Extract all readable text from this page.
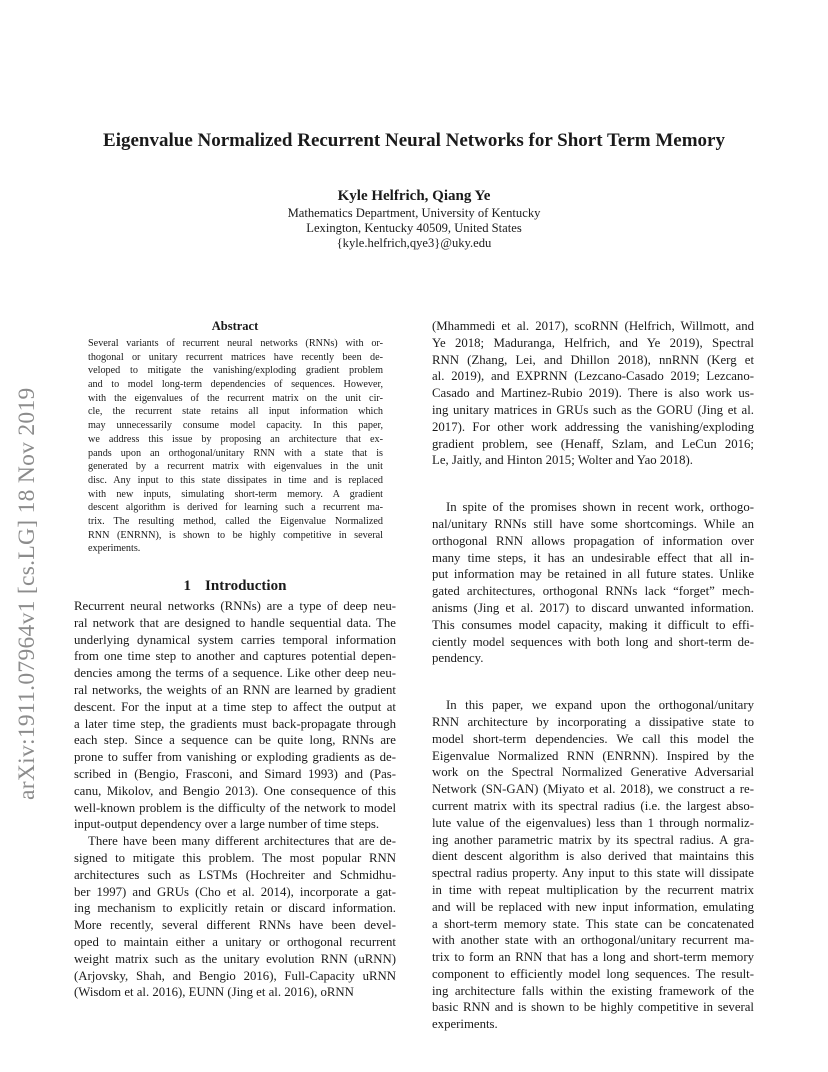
arXiv:1911.07964v1 [cs.LG] 18 Nov 2019
Eigenvalue Normalized Recurrent Neural Networks for Short Term Memory
Kyle Helfrich, Qiang Ye
Mathematics Department, University of Kentucky
Lexington, Kentucky 40509, United States
{kyle.helfrich,qye3}@uky.edu
Abstract
Several variants of recurrent neural networks (RNNs) with or-
thogonal or unitary recurrent matrices have recently been de-
veloped to mitigate the vanishing/exploding gradient problem
and to model long-term dependencies of sequences. However,
with the eigenvalues of the recurrent matrix on the unit cir-
cle, the recurrent state retains all input information which
may unnecessarily consume model capacity. In this paper,
we address this issue by proposing an architecture that ex-
pands upon an orthogonal/unitary RNN with a state that is
generated by a recurrent matrix with eigenvalues in the unit
disc. Any input to this state dissipates in time and is replaced
with new inputs, simulating short-term memory. A gradient
descent algorithm is derived for learning such a recurrent ma-
trix. The resulting method, called the Eigenvalue Normalized
RNN (ENRNN), is shown to be highly competitive in several
experiments.
1 Introduction
Recurrent neural networks (RNNs) are a type of deep neu-
ral network that are designed to handle sequential data. The
underlying dynamical system carries temporal information
from one time step to another and captures potential depen-
dencies among the terms of a sequence. Like other deep neu-
ral networks, the weights of an RNN are learned by gradient
descent. For the input at a time step to affect the output at
a later time step, the gradients must back-propagate through
each step. Since a sequence can be quite long, RNNs are
prone to suffer from vanishing or exploding gradients as de-
scribed in (Bengio, Frasconi, and Simard 1993) and (Pas-
canu, Mikolov, and Bengio 2013). One consequence of this
well-known problem is the difficulty of the network to model
input-output dependency over a large number of time steps.
There have been many different architectures that are de-
signed to mitigate this problem. The most popular RNN
architectures such as LSTMs (Hochreiter and Schmidhu-
ber 1997) and GRUs (Cho et al. 2014), incorporate a gat-
ing mechanism to explicitly retain or discard information.
More recently, several different RNNs have been devel-
oped to maintain either a unitary or orthogonal recurrent
weight matrix such as the unitary evolution RNN (uRNN)
(Arjovsky, Shah, and Bengio 2016), Full-Capacity uRNN
(Wisdom et al. 2016), EUNN (Jing et al. 2016), oRNN
(Mhammedi et al. 2017), scoRNN (Helfrich, Willmott, and
Ye 2018; Maduranga, Helfrich, and Ye 2019), Spectral
RNN (Zhang, Lei, and Dhillon 2018), nnRNN (Kerg et
al. 2019), and EXPRNN (Lezcano-Casado 2019; Lezcano-
Casado and Martinez-Rubio 2019). There is also work us-
ing unitary matrices in GRUs such as the GORU (Jing et al.
2017). For other work addressing the vanishing/exploding
gradient problem, see (Henaff, Szlam, and LeCun 2016;
Le, Jaitly, and Hinton 2015; Wolter and Yao 2018).
In spite of the promises shown in recent work, orthogo-
nal/unitary RNNs still have some shortcomings. While an
orthogonal RNN allows propagation of information over
many time steps, it has an undesirable effect that all in-
put information may be retained in all future states. Unlike
gated architectures, orthogonal RNNs lack “forget” mech-
anisms (Jing et al. 2017) to discard unwanted information.
This consumes model capacity, making it difficult to effi-
ciently model sequences with both long and short-term de-
pendency.
In this paper, we expand upon the orthogonal/unitary
RNN architecture by incorporating a dissipative state to
model short-term dependencies. We call this model the
Eigenvalue Normalized RNN (ENRNN). Inspired by the
work on the Spectral Normalized Generative Adversarial
Network (SN-GAN) (Miyato et al. 2018), we construct a re-
current matrix with its spectral radius (i.e. the largest abso-
lute value of the eigenvalues) less than 1 through normaliz-
ing another parametric matrix by its spectral radius. A gra-
dient descent algorithm is also derived that maintains this
spectral radius property. Any input to this state will dissipate
in time with repeat multiplication by the recurrent matrix
and will be replaced with new input information, emulating
a short-term memory state. This state can be concatenated
with another state with an orthogonal/unitary recurrent ma-
trix to form an RNN that has a long and short-term memory
component to efficiently model long sequences. The result-
ing architecture falls within the existing framework of the
basic RNN and is shown to be highly competitive in several
experiments.
